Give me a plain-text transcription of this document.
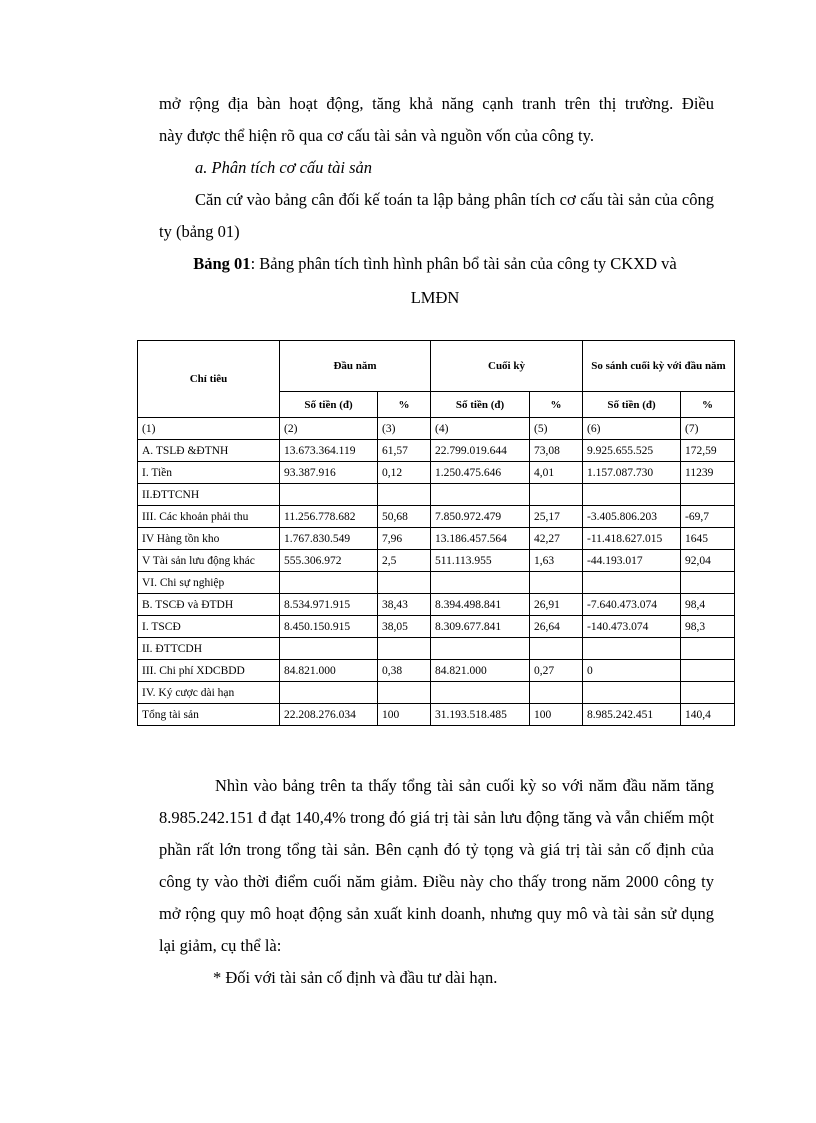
mở rộng địa bàn hoạt động, tăng khả năng cạnh tranh trên thị trường. Điều
này được thể hiện rõ qua cơ cấu tài sản và nguồn vốn của công ty.
a. Phân tích cơ cấu tài sản
Căn cứ vào bảng cân đối kế toán ta lập bảng phân tích cơ cấu tài sản của công ty (bảng 01)
Bảng 01: Bảng phân tích tình hình phân bổ tài sản của công ty CKXD và
LMĐN
Chỉ tiêu	Đầu năm		Cuối kỳ		So sánh cuối kỳ với đầu năm	
	Số tiền (đ)	%	Số tiền (đ)	%	Số tiền (đ)	%
(1)	(2)	(3)	(4)	(5)	(6)	(7)
A. TSLĐ &ĐTNH	13.673.364.119	61,57	22.799.019.644	73,08	9.925.655.525	172,59
I. Tiền	93.387.916	0,12	1.250.475.646	4,01	1.157.087.730	11239
II.ĐTTCNH						
III. Các khoản phải thu	11.256.778.682	50,68	7.850.972.479	25,17	-3.405.806.203	-69,7
IV Hàng tồn kho	1.767.830.549	7,96	13.186.457.564	42,27	-11.418.627.015	1645
V Tài sản lưu động khác	555.306.972	2,5	511.113.955	1,63	-44.193.017	92,04
VI. Chi sự nghiệp						
B. TSCĐ và ĐTDH	8.534.971.915	38,43	8.394.498.841	26,91	-7.640.473.074	98,4
I. TSCĐ	8.450.150.915	38,05	8.309.677.841	26,64	-140.473.074	98,3
II. ĐTTCDH						
III. Chi phí XDCBDD	84.821.000	0,38	84.821.000	0,27	0	
IV. Ký cược dài hạn						
Tổng tài sản	22.208.276.034	100	31.193.518.485	100	8.985.242.451	140,4
Nhìn vào bảng trên ta thấy tổng tài sản cuối kỳ so với năm đầu năm tăng 8.985.242.151 đ đạt 140,4% trong đó giá trị tài sản lưu động tăng và vẫn chiếm một phần rất lớn trong tổng tài sản. Bên cạnh đó tỷ tọng và giá trị tài sản cố định của công ty vào thời điểm cuối năm giảm. Điều này cho thấy trong năm 2000 công ty mở rộng quy mô hoạt động sản xuất kinh doanh, nhưng quy mô và tài sản sử dụng lại giảm, cụ thể là:
* Đối với tài sản cố định và đầu tư dài hạn.
